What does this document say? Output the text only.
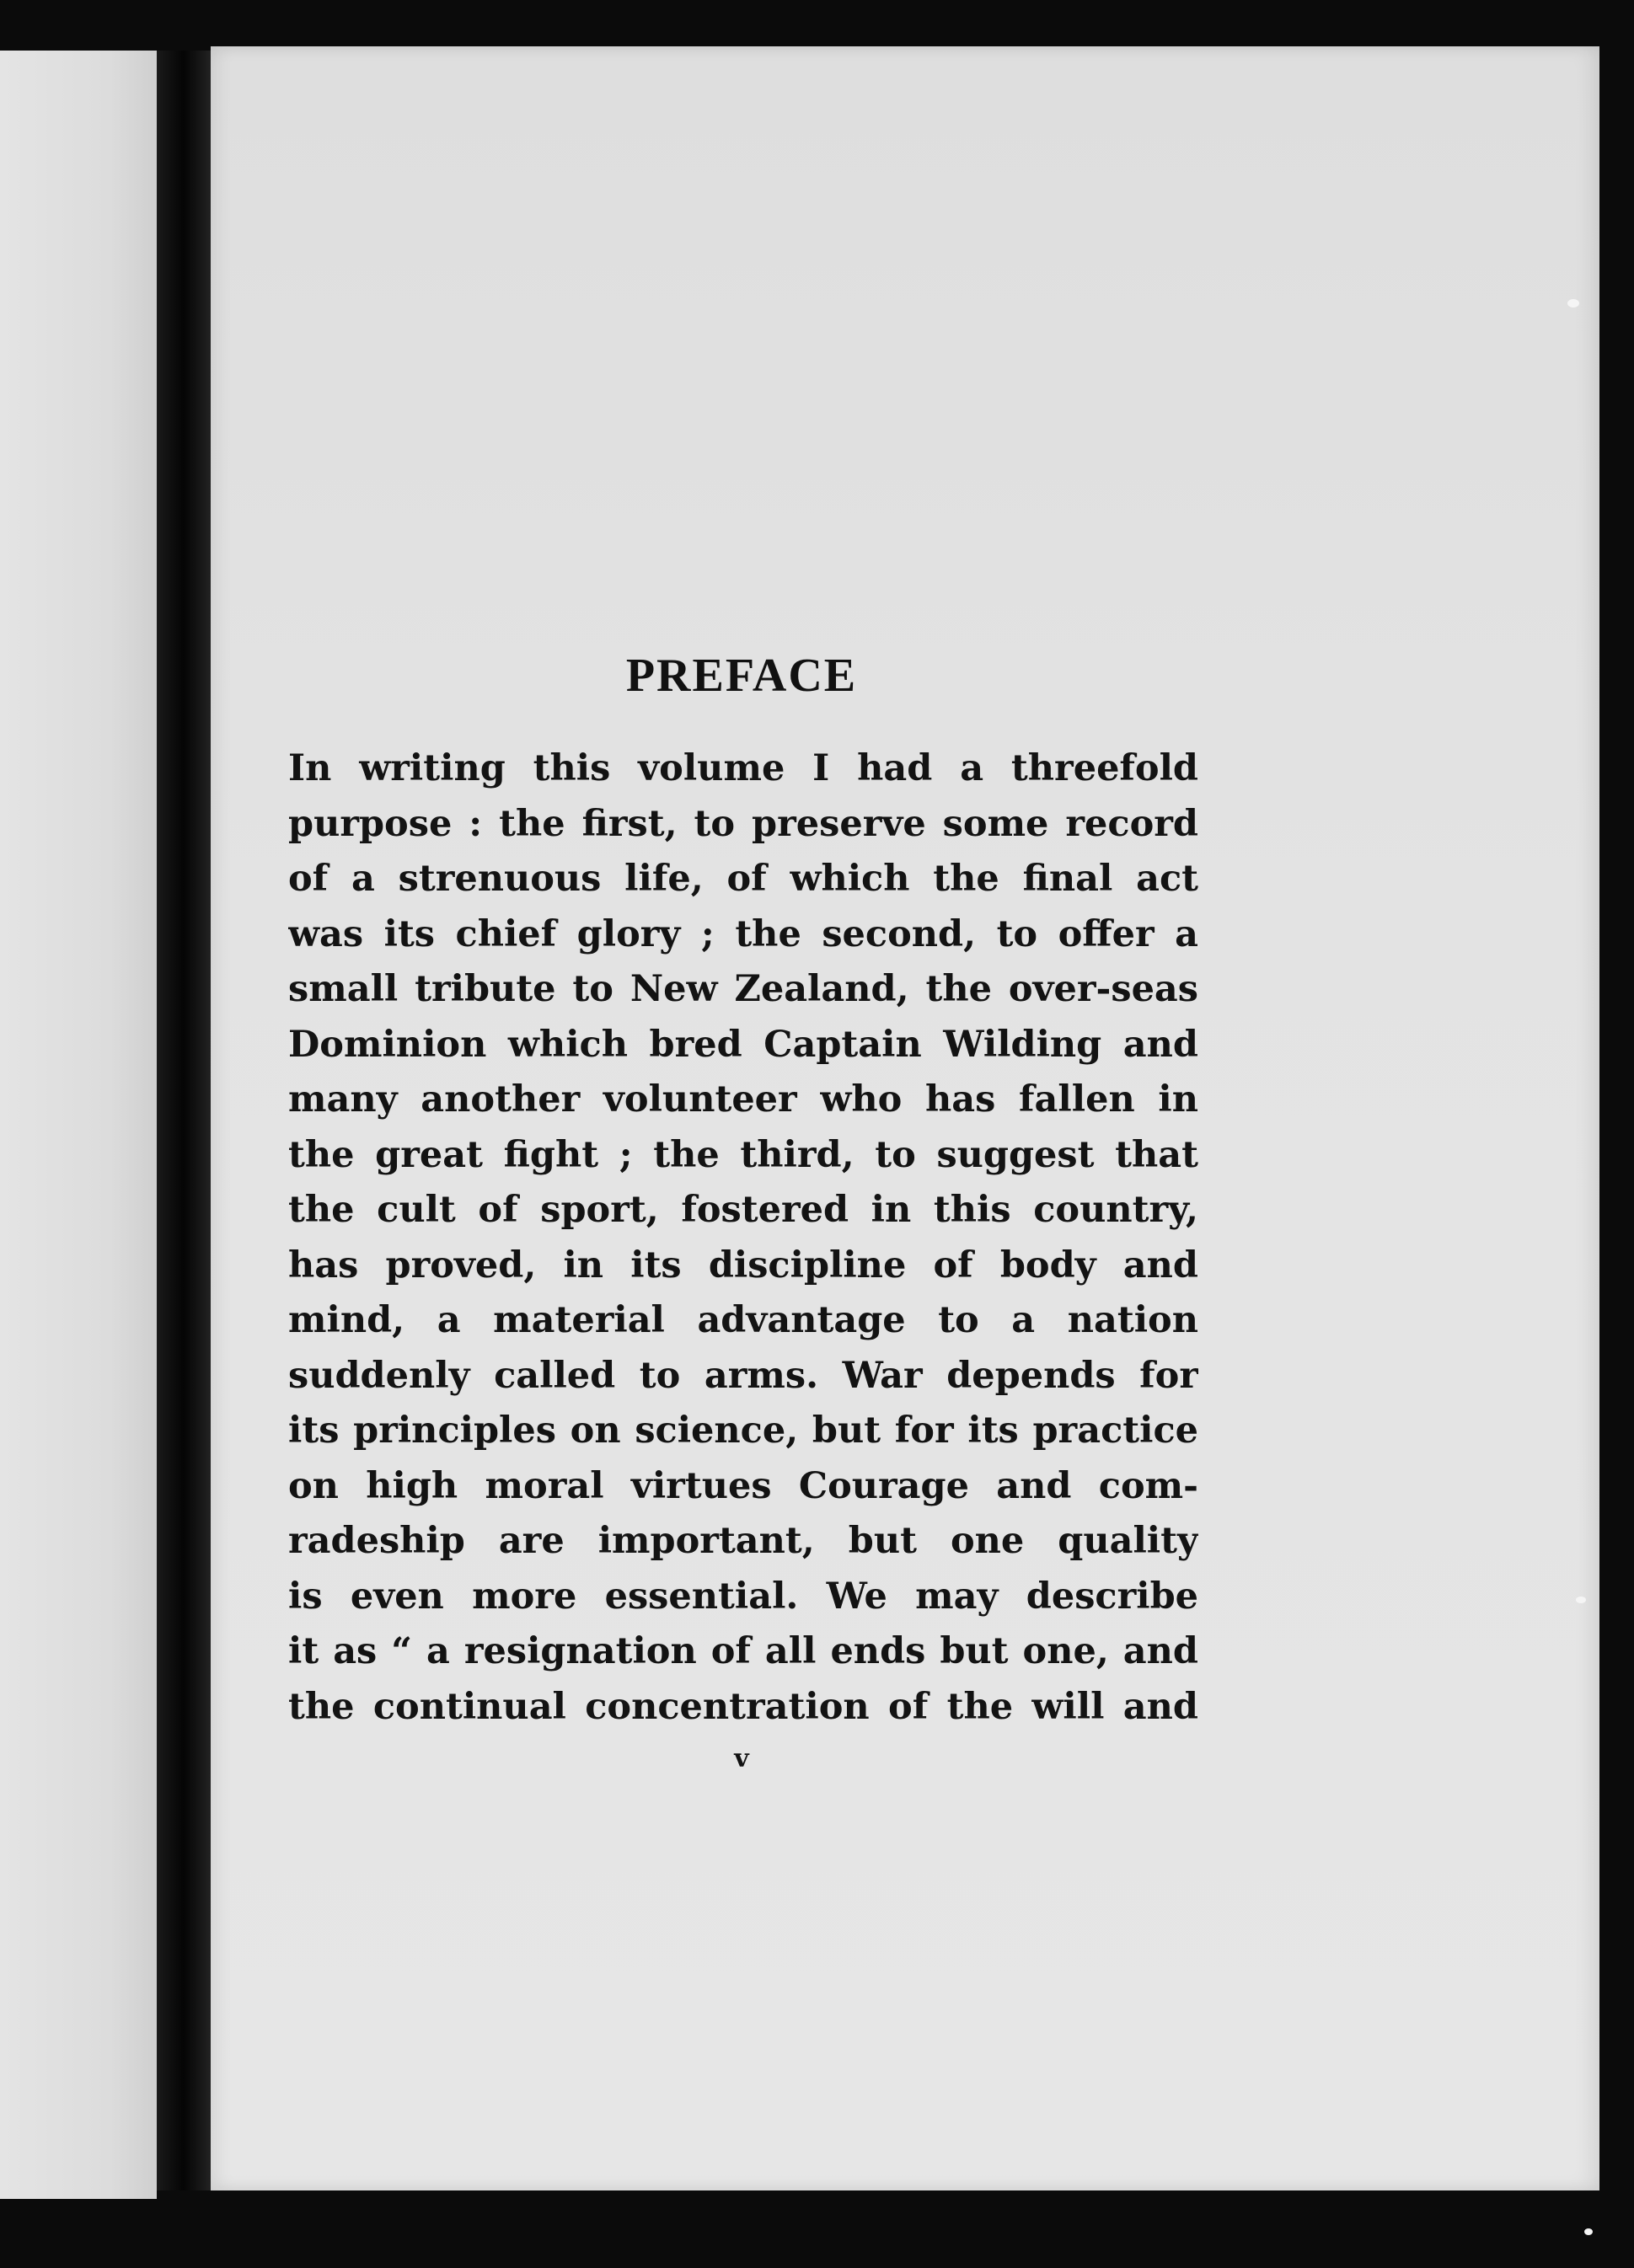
PREFACE
In writing this volume I had a threefold
purpose : the first, to preserve some record
of a strenuous life, of which the final act
was its chief glory ; the second, to offer a
small tribute to New Zealand, the over-seas
Dominion which bred Captain Wilding and
many another volunteer who has fallen in
the great fight ; the third, to suggest that
the cult of sport, fostered in this country,
has proved, in its discipline of body and
mind, a material advantage to a nation
suddenly called to arms. War depends for
its principles on science, but for its practice
on high moral virtues Courage and com-
radeship are important, but one quality
is even more essential. We may describe
it as “ a resignation of all ends but one, and
the continual concentration of the will and
v
